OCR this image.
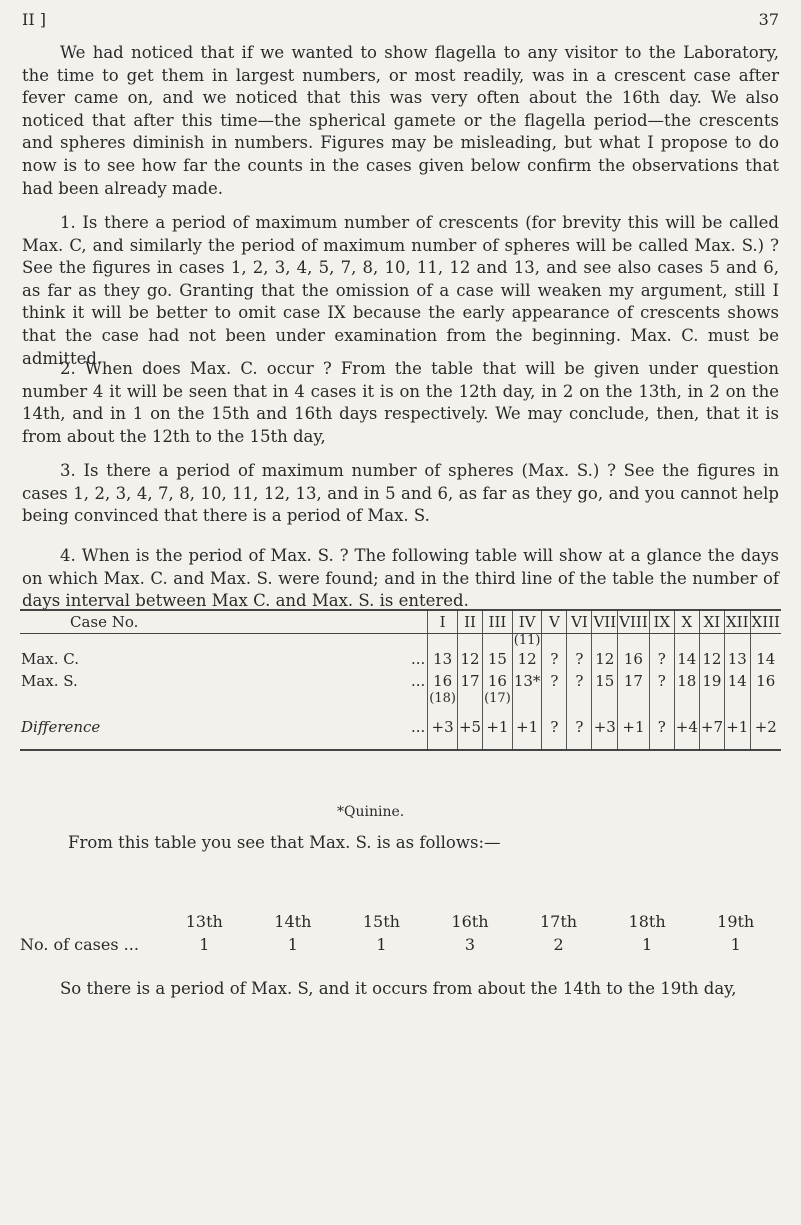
II ]	37

We had noticed that if we wanted to show flagella to any visitor to the Laboratory, the time to get them in largest numbers, or most readily, was in a crescent case after fever came on, and we noticed that this was very often about the 16th day. We also noticed that after this time—the spherical gamete or the flagella period—the crescents and spheres diminish in numbers. Figures may be misleading, but what I propose to do now is to see how far the counts in the cases given below confirm the observations that had been already made.

1. Is there a period of maximum number of crescents (for brevity this will be called Max. C, and similarly the period of maximum number of spheres will be called Max. S.) ? See the figures in cases 1, 2, 3, 4, 5, 7, 8, 10, 11, 12 and 13, and see also cases 5 and 6, as far as they go. Granting that the omission of a case will weaken my argument, still I think it will be better to omit case IX because the early appearance of crescents shows that the case had not been under examination from the beginning. Max. C. must be admitted.

2. When does Max. C. occur ? From the table that will be given under question number 4 it will be seen that in 4 cases it is on the 12th day, in 2 on the 13th, in 2 on the 14th, and in 1 on the 15th and 16th days respectively. We may conclude, then, that it is from about the 12th to the 15th day,

3. Is there a period of maximum number of spheres (Max. S.) ? See the figures in cases 1, 2, 3, 4, 7, 8, 10, 11, 12, 13, and in 5 and 6, as far as they go, and you cannot help being convinced that there is a period of Max. S.

4. When is the period of Max. S. ? The following table will show at a glance the days on which Max. C. and Max. S. were found; and in the third line of the table the number of days interval between Max C. and Max. S. is entered.

Case No.		I	II	III	IV	V	VI	VII	VIII	IX	X	XI	XII	XIII
					(11)									
Max. C.	...	13	12	15	12	?	?	12	16	?	14	12	13	14
Max. S.	...	16	17	16	13*	?	?	15	17	?	18	19	14	16
		(18)		(17)										

Difference	...	+3	+5	+1	+1	?	?	+3	+1	?	+4	+7	+1	+2

*Quinine.

From this table you see that Max. S. is as follows:—

	13th	14th	15th	16th	17th	18th	19th
No. of cases ...	1	1	1	3	2	1	1

So there is a period of Max. S, and it occurs from about the 14th to the 19th day,
